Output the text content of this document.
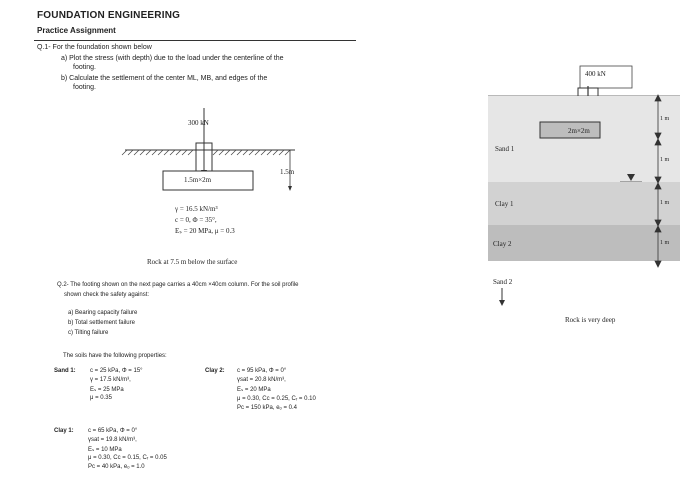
FOUNDATION ENGINEERING
Practice Assignment
Q.1- For the foundation shown below
a) Plot the stress (with depth) due to the load under the centerline of the
footing.
b) Calculate the settlement of the center ML, MB, and edges of the
footing.
300 kN
1.5m×2m
1.5m
γ = 16.5 kN/m³
c = 0, Φ = 35°,
Eₛ = 20 MPa, μ = 0.3
Rock at 7.5 m below the surface
Q.2- The footing shown on the next page carries a 40cm ×40cm column. For the soil profile
shown check the safety against:
a) Bearing capacity failure
b) Total settlement failure
c) Tilting failure
The soils have the following properties:
Sand 1: c = 25 kPa, Φ = 15°
γ = 17.5 kN/m³,
Eₛ = 25 MPa
μ = 0.35
Clay 2: c = 95 kPa, Φ = 0°
γsat = 20.8 kN/m³,
Eₛ = 20 MPa
μ = 0.30, Cᴄ = 0.25, Cᵣ = 0.10
Pᴄ = 150 kPa, eₒ = 0.4
Clay 1: c = 65 kPa, Φ = 0°
γsat = 19.8 kN/m³,
Eₛ = 10 MPa
μ = 0.30, Cᴄ = 0.15, Cᵣ = 0.05
Pᴄ = 40 kPa, eₒ = 1.0
400 kN
2m×2m
Sand 1
Clay 1
Clay 2
Sand 2
1 m
1 m
1 m
1 m
Rock is very deep
